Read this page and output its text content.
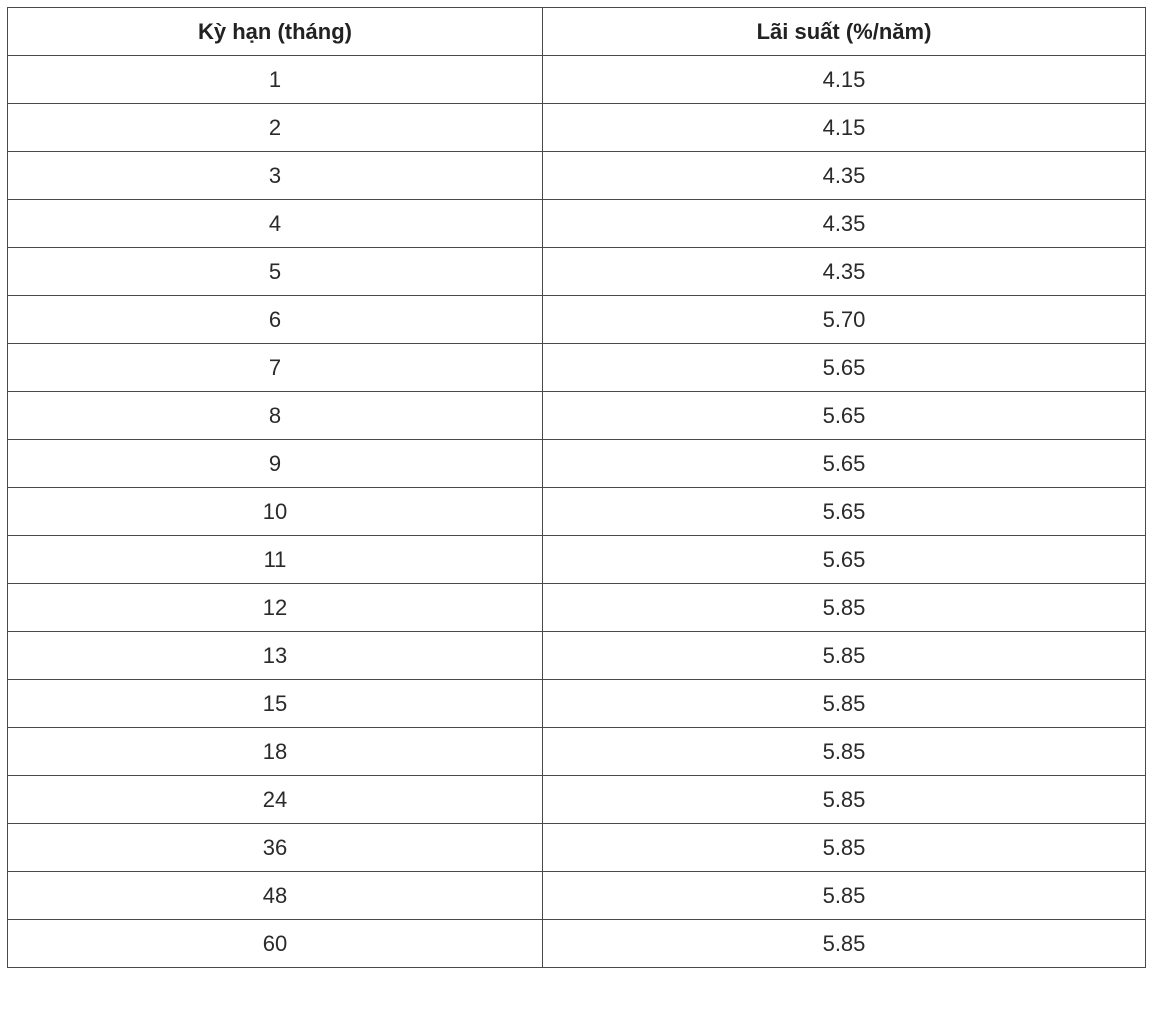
Kỳ hạn (tháng)	Lãi suất (%/năm)
1	4.15
2	4.15
3	4.35
4	4.35
5	4.35
6	5.70
7	5.65
8	5.65
9	5.65
10	5.65
11	5.65
12	5.85
13	5.85
15	5.85
18	5.85
24	5.85
36	5.85
48	5.85
60	5.85
